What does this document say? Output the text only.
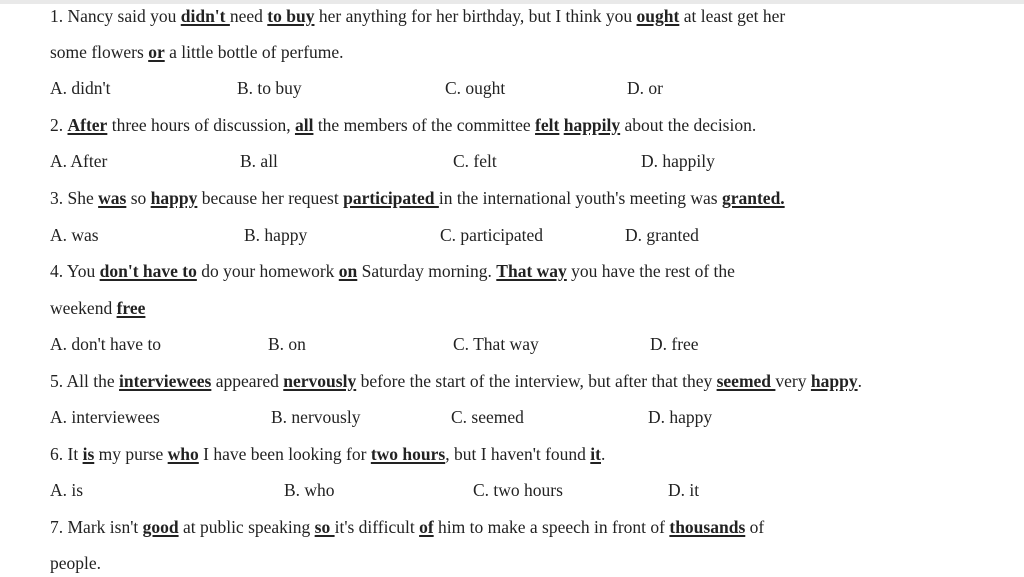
1. Nancy said you didn't need to buy her anything for her birthday, but I think you ought at least get her
some flowers or a little bottle of perfume.
A. didn't	B. to buy	C. ought	D. or
2. After three hours of discussion, all the members of the committee felt happily about the decision.
A. After	B. all	C. felt	D. happily
3. She was so happy because her request participated in the international youth's meeting was granted.
A. was	B. happy	C. participated	D. granted
4. You don't have to do your homework on Saturday morning. That way you have the rest of the
weekend free
A. don't have to	B. on	C. That way	D. free
5. All the interviewees appeared nervously before the start of the interview, but after that they seemed very happy.
A. interviewees	B. nervously	C. seemed	D. happy
6. It is my purse who I have been looking for two hours, but I haven't found it.
A. is	B. who	C. two hours	D. it
7. Mark isn't good at public speaking so it's difficult of him to make a speech in front of thousands of
people.
